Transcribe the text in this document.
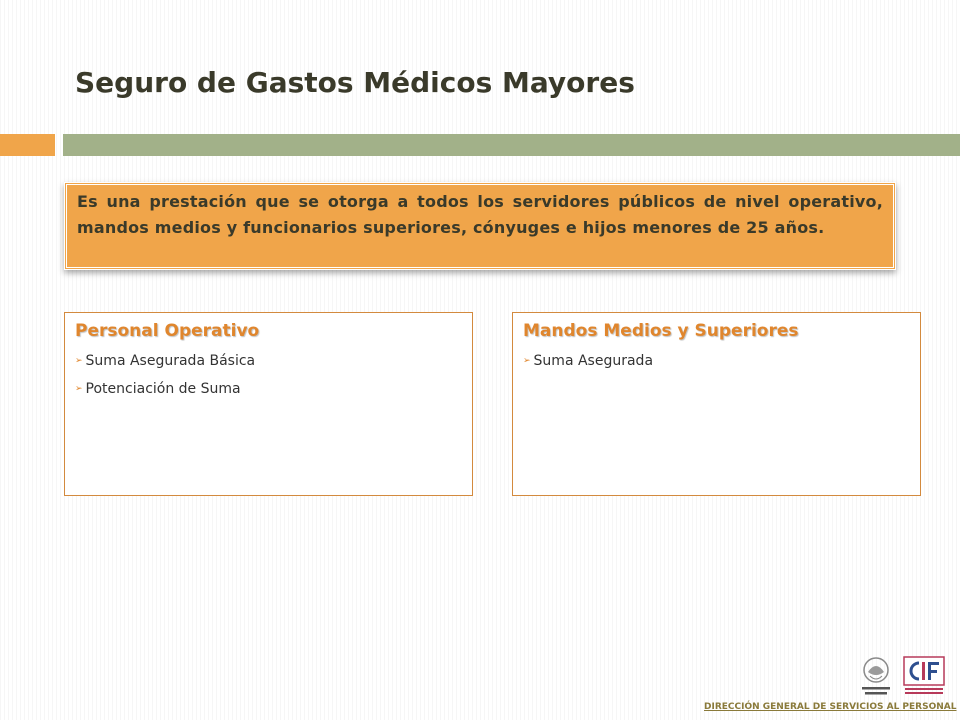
Seguro de Gastos Médicos Mayores
Es una prestación que se otorga a todos los servidores públicos de nivel operativo, mandos medios y funcionarios superiores, cónyuges e hijos menores de 25 años.
Personal Operativo
➢ Suma Asegurada Básica
➢ Potenciación de Suma
Mandos Medios y Superiores
➢ Suma Asegurada
DIRECCIÓN GENERAL DE SERVICIOS AL PERSONAL
